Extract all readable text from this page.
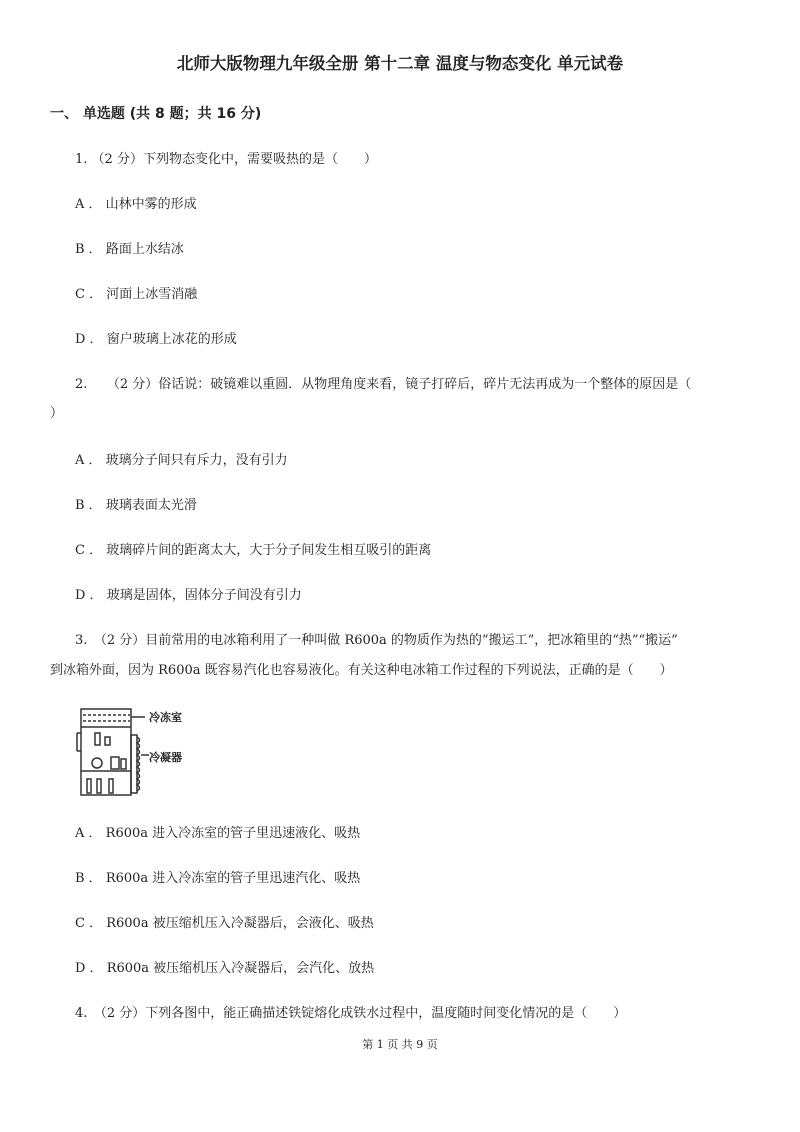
北师大版物理九年级全册 第十二章 温度与物态变化 单元试卷
一、 单选题 (共 8 题；共 16 分)
1. （2 分）下列物态变化中，需要吸热的是（　　）
A ． 山林中雾的形成
B ． 路面上水结冰
C ． 河面上冰雪消融
D ． 窗户玻璃上冰花的形成
2.　　（2 分）俗话说：破镜难以重圆．从物理角度来看，镜子打碎后，碎片无法再成为一个整体的原因是（
）
A ． 玻璃分子间只有斥力，没有引力
B ． 玻璃表面太光滑
C ． 玻璃碎片间的距离太大，大于分子间发生相互吸引的距离
D ． 玻璃是固体，固体分子间没有引力
3.　（2 分）目前常用的电冰箱利用了一种叫做 R600a 的物质作为热的“搬运工”，把冰箱里的“热”“搬运”
到冰箱外面，因为 R600a 既容易汽化也容易液化。有关这种电冰箱工作过程的下列说法，正确的是（　　）
冷冻室
冷凝器
A ． R600a 进入冷冻室的管子里迅速液化、吸热
B ． R600a 进入冷冻室的管子里迅速汽化、吸热
C ． R600a 被压缩机压入冷凝器后，会液化、吸热
D ． R600a 被压缩机压入冷凝器后，会汽化、放热
4.　（2 分）下列各图中，能正确描述铁锭熔化成铁水过程中，温度随时间变化情况的是（　　）
第 1 页 共 9 页
